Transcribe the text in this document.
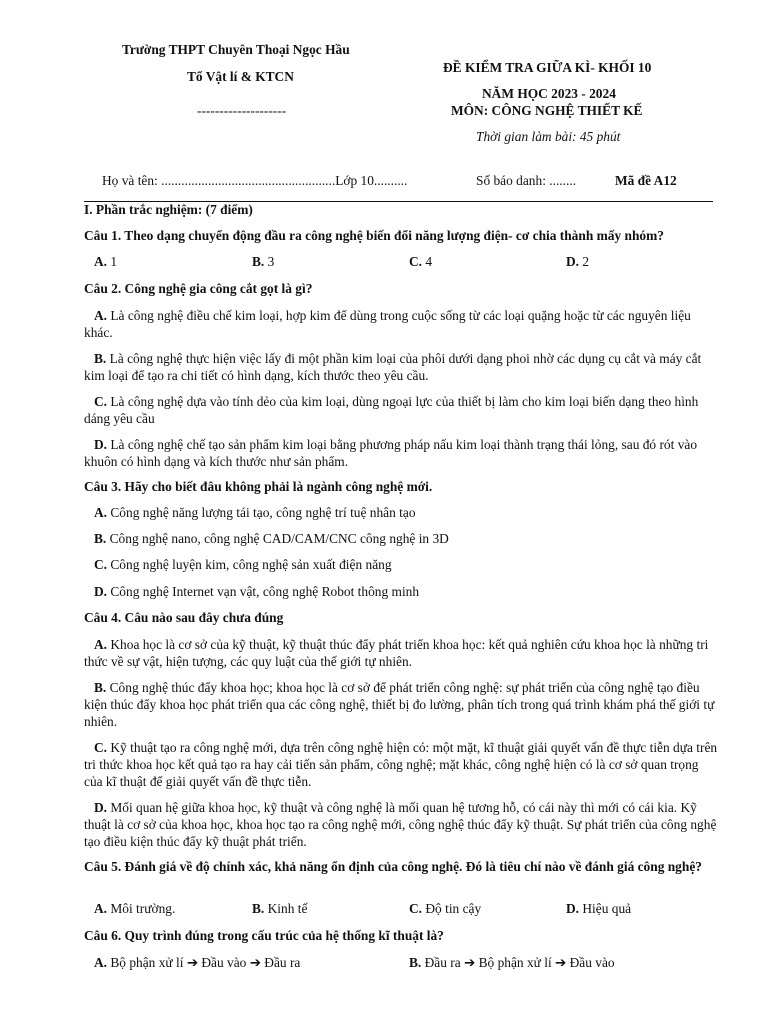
Trường THPT Chuyên Thoại Ngọc Hầu
Tổ Vật lí & KTCN
--------------------
ĐỀ KIỂM TRA GIỮA KÌ- KHỐI 10
NĂM HỌC 2023 - 2024
MÔN: CÔNG NGHỆ THIẾT KẾ
Thời gian làm bài: 45 phút
Họ và tên: ....................................................Lớp 10..........	Số báo danh: ........	Mã đề A12
I. Phần trắc nghiệm: (7 điểm)
Câu 1. Theo dạng chuyển động đầu ra công nghệ biến đổi năng lượng điện- cơ chia thành mấy nhóm?
A. 1	B. 3	C. 4	D. 2
Câu 2. Công nghệ gia công cắt gọt là gì?
A. Là công nghệ điều chế kim loại, hợp kim để dùng trong cuộc sống từ các loại quặng hoặc từ các nguyên liệu khác.
B. Là công nghệ thực hiện việc lấy đi một phần kim loại của phôi dưới dạng phoi nhờ các dụng cụ cắt và máy cắt kim loại để tạo ra chi tiết có hình dạng, kích thước theo yêu cầu.
C. Là công nghệ dựa vào tính dẻo của kim loại, dùng ngoại lực của thiết bị làm cho kim loại biến dạng theo hình dáng yêu cầu
D. Là công nghệ chế tạo sản phẩm kim loại bằng phương pháp nấu kim loại thành trạng thái lỏng, sau đó rót vào khuôn có hình dạng và kích thước như sản phẩm.
Câu 3. Hãy cho biết đâu không phải là ngành công nghệ mới.
A. Công nghệ năng lượng tái tạo, công nghệ trí tuệ nhân tạo
B. Công nghệ nano, công nghệ CAD/CAM/CNC công nghệ in 3D
C. Công nghệ luyện kim, công nghệ sản xuất điện năng
D. Công nghệ Internet vạn vật, công nghệ Robot thông minh
Câu 4. Câu nào sau đây chưa đúng
A. Khoa học là cơ sở của kỹ thuật, kỹ thuật thúc đẩy phát triển khoa học: kết quả nghiên cứu khoa học là những tri thức về sự vật, hiện tượng, các quy luật của thế giới tự nhiên.
B. Công nghệ thúc đẩy khoa học; khoa học là cơ sở để phát triển công nghệ: sự phát triển của công nghệ tạo điều kiện thúc đẩy khoa học phát triển qua các công nghệ, thiết bị đo lường, phân tích trong quá trình khám phá thế giới tự nhiên.
C. Kỹ thuật tạo ra công nghệ mới, dựa trên công nghệ hiện có: một mặt, kĩ thuật giải quyết vấn đề thực tiễn dựa trên tri thức khoa học kết quả tạo ra hay cải tiến sản phẩm, công nghệ; mặt khác, công nghệ hiện có là cơ sở quan trọng của kĩ thuật để giải quyết vấn đề thực tiễn.
D. Mối quan hệ giữa khoa học, kỹ thuật và công nghệ là mối quan hệ tương hỗ, có cái này thì mới có cái kia. Kỹ thuật là cơ sở của khoa học, khoa học tạo ra công nghệ mới, công nghệ thúc đẩy kỹ thuật. Sự phát triển của công nghệ tạo điều kiện thúc đẩy kỹ thuật phát triển.
Câu 5. Đánh giá về độ chính xác, khả năng ổn định của công nghệ. Đó là tiêu chí nào về đánh giá công nghệ?
A. Môi trường.	B. Kinh tế	C. Độ tin cậy	D. Hiệu quả
Câu 6. Quy trình đúng trong cấu trúc của hệ thống kĩ thuật là?
A. Bộ phận xử lí ➔ Đầu vào ➔ Đầu ra	B. Đầu ra ➔ Bộ phận xử lí ➔ Đầu vào
